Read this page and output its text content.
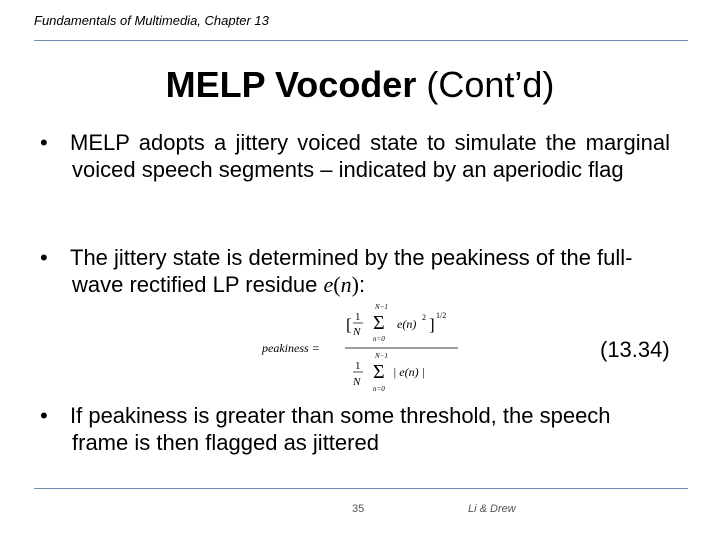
Fundamentals of Multimedia, Chapter 13
MELP Vocoder (Cont’d)
•	MELP adopts a jittery voiced state to simulate the marginal voiced speech segments – indicated by an aperiodic flag
•	The jittery state is determined by the peakiness of the full-wave rectified LP residue e(n):
peakiness =
[ 1
N
N−1
Σ
n=0
e(n) 2 ] 1/2
1
N
N−1
Σ
n=0
| e(n) |
(13.34)
•	If peakiness is greater than some threshold, the speech frame is then flagged as jittered
35	Li & Drew
